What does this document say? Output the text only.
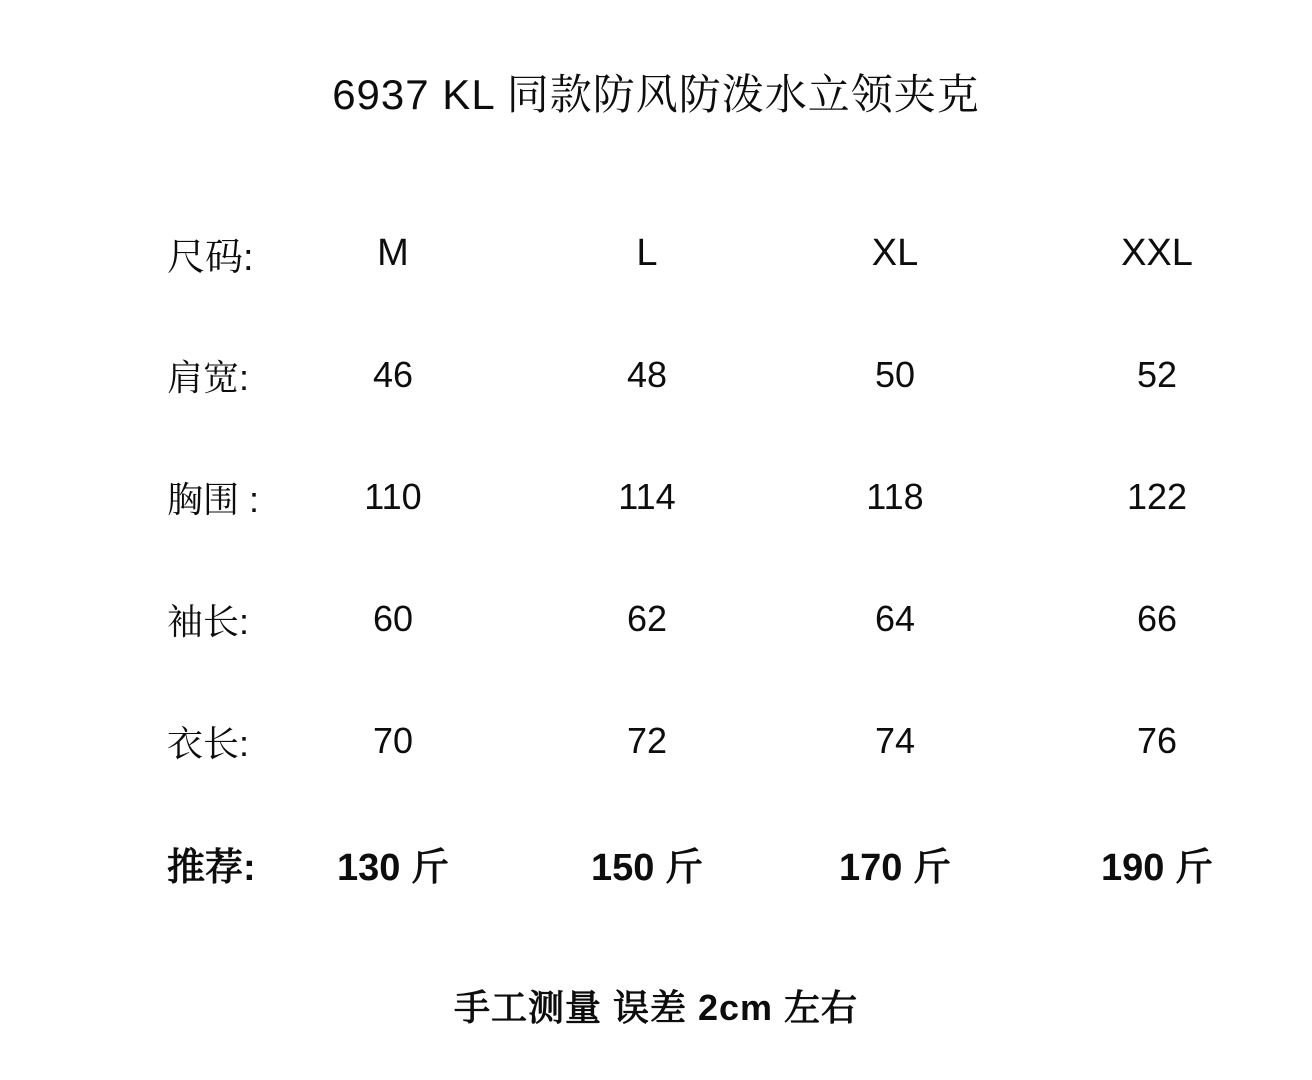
6937 KL 同款防风防泼水立领夹克
尺码:	M	L	XL	XXL
肩宽:	46	48	50	52
胸围 :	110	114	118	122
袖长:	60	62	64	66
衣长:	70	72	74	76
推荐:	130 斤	150 斤	170 斤	190 斤
手工测量 误差 2cm 左右
